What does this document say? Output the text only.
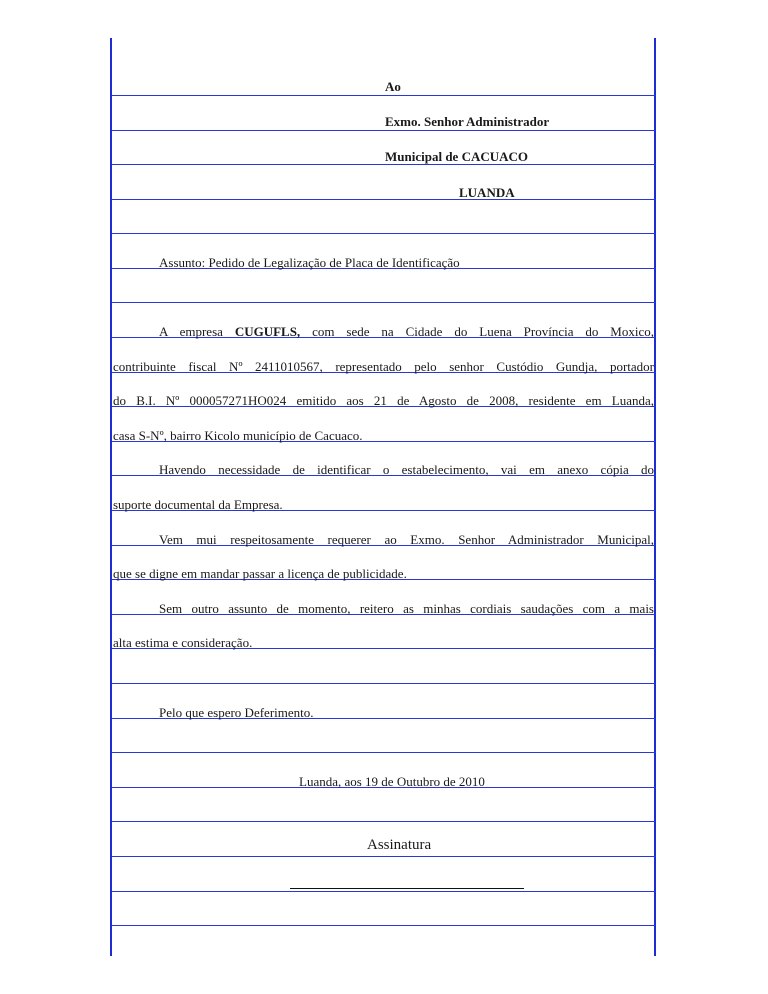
Ao
Exmo. Senhor Administrador
Municipal de CACUACO
LUANDA
Assunto: Pedido de Legalização de Placa de Identificação
A empresa CUGUFLS, com sede na Cidade do Luena Província do Moxico,
contribuinte fiscal Nº 2411010567, representado pelo senhor Custódio Gundja, portador
do B.I. Nº 000057271HO024 emitido aos 21 de Agosto de 2008, residente em Luanda,
casa S-Nº, bairro Kicolo município de Cacuaco.
Havendo necessidade de identificar o estabelecimento, vai em anexo cópia do
suporte documental da Empresa.
Vem mui respeitosamente requerer ao Exmo. Senhor Administrador Municipal,
que se digne em mandar passar a licença de publicidade.
Sem outro assunto de momento, reitero as minhas cordiais saudações com a mais
alta estima e consideração.
Pelo que espero Deferimento.
Luanda, aos 19 de Outubro de 2010
Assinatura
